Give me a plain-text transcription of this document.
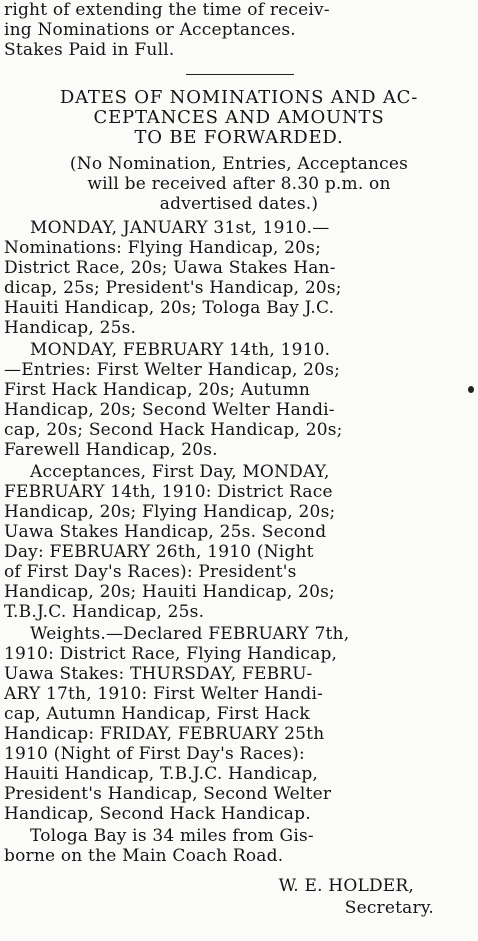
right of extending the time of receiv-
ing Nominations or Acceptances.
Stakes Paid in Full.
DATES OF NOMINATIONS AND AC-
CEPTANCES AND AMOUNTS
TO BE FORWARDED.
(No Nomination, Entries, Acceptances
will be received after 8.30 p.m. on
advertised dates.)
MONDAY, JANUARY 31st, 1910.—
Nominations: Flying Handicap, 20s;
District Race, 20s; Uawa Stakes Han-
dicap, 25s; President's Handicap, 20s;
Hauiti Handicap, 20s; Tologa Bay J.C.
Handicap, 25s.
MONDAY, FEBRUARY 14th, 1910.
—Entries: First Welter Handicap, 20s;
First Hack Handicap, 20s; Autumn
Handicap, 20s; Second Welter Handi-
cap, 20s; Second Hack Handicap, 20s;
Farewell Handicap, 20s.
Acceptances, First Day, MONDAY,
FEBRUARY 14th, 1910: District Race
Handicap, 20s; Flying Handicap, 20s;
Uawa Stakes Handicap, 25s. Second
Day: FEBRUARY 26th, 1910 (Night
of First Day's Races): President's
Handicap, 20s; Hauiti Handicap, 20s;
T.B.J.C. Handicap, 25s.
Weights.—Declared FEBRUARY 7th,
1910: District Race, Flying Handicap,
Uawa Stakes: THURSDAY, FEBRU-
ARY 17th, 1910: First Welter Handi-
cap, Autumn Handicap, First Hack
Handicap: FRIDAY, FEBRUARY 25th
1910 (Night of First Day's Races):
Hauiti Handicap, T.B.J.C. Handicap,
President's Handicap, Second Welter
Handicap, Second Hack Handicap.
Tologa Bay is 34 miles from Gis-
borne on the Main Coach Road.
W. E. HOLDER,
Secretary.
